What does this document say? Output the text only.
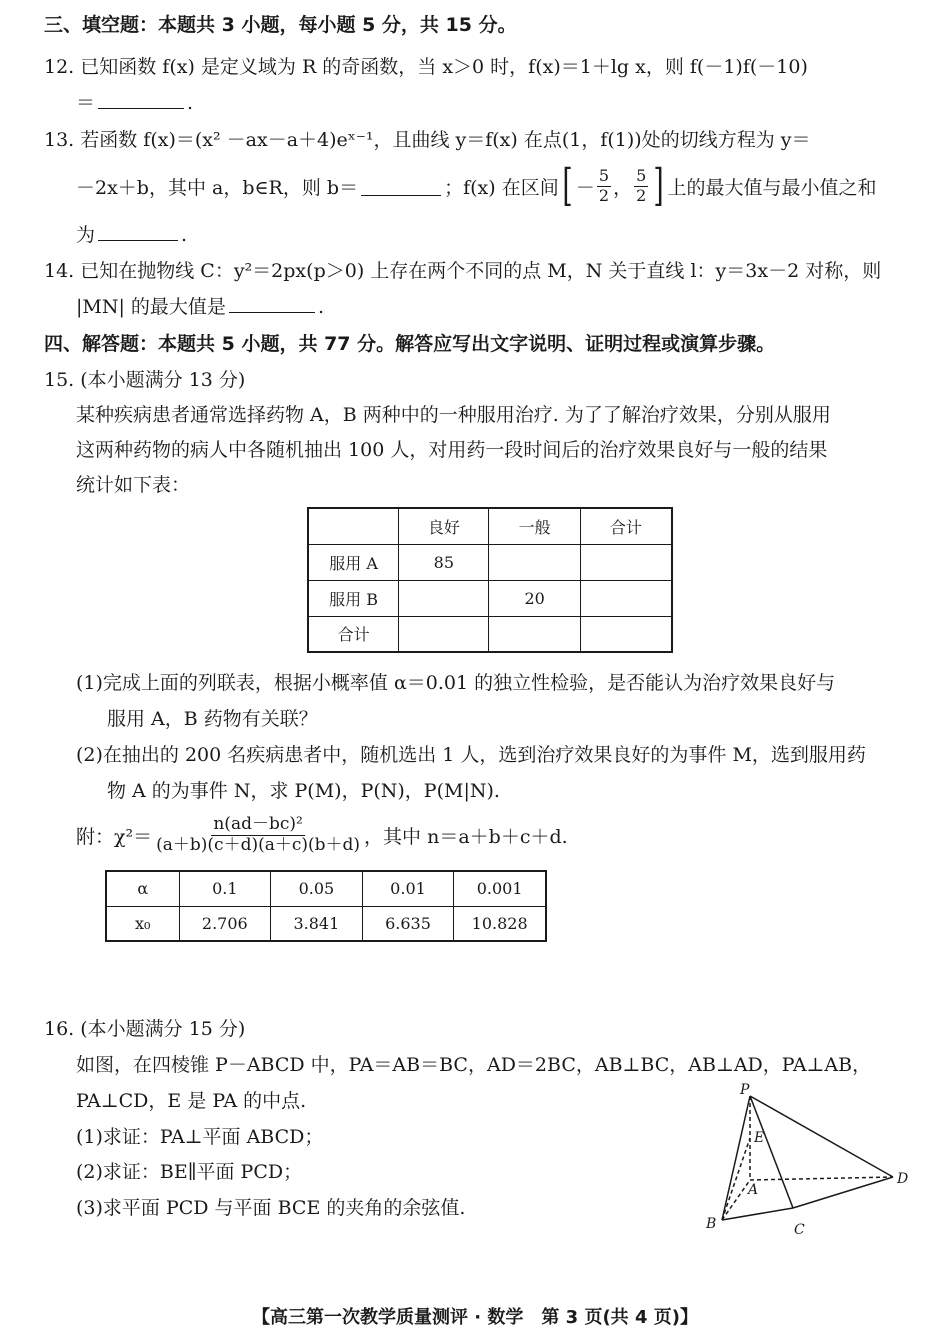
三、填空题：本题共 3 小题，每小题 5 分，共 15 分。
12. 已知函数 f(x) 是定义域为 R 的奇函数，当 x＞0 时，f(x)＝1＋lg x，则 f(－1)f(－10)
＝	.
13. 若函数 f(x)＝(x² －ax－a＋4)eˣ⁻¹，且曲线 y＝f(x) 在点(1，f(1))处的切线方程为 y＝
－2x＋b，其中 a，b∈R，则 b＝	；f(x) 在区间 [ － $\frac{5}{2}$ ， $\frac{5}{2}$ ] 上的最大值与最小值之和
为	.
14. 已知在抛物线 C：y²＝2px(p＞0) 上存在两个不同的点 M，N 关于直线 l：y＝3x－2 对称，则
|MN| 的最大值是	.
四、解答题：本题共 5 小题，共 77 分。解答应写出文字说明、证明过程或演算步骤。
15. (本小题满分 13 分)
某种疾病患者通常选择药物 A，B 两种中的一种服用治疗. 为了了解治疗效果，分别从服用
这两种药物的病人中各随机抽出 100 人，对用药一段时间后的治疗效果良好与一般的结果
统计如下表：
	良好	一般	合计
服用 A	85		
服用 B		20	
合计			
(1)完成上面的列联表，根据小概率值 α＝0.01 的独立性检验，是否能认为治疗效果良好与
服用 A，B 药物有关联？
(2)在抽出的 200 名疾病患者中，随机选出 1 人，选到治疗效果良好的为事件 M，选到服用药
物 A 的为事件 N，求 P(M)，P(N)，P(M|N).
附：$\chi^2= \frac{\text{n(ad－bc)²}}{(a+b)(c+d)(a+c)(b+d)}$ ，其中 n＝a＋b＋c＋d.
α	0.1	0.05	0.01	0.001
x₀	2.706	3.841	6.635	10.828
16. (本小题满分 15 分)
如图，在四棱锥 P－ABCD 中，PA＝AB＝BC，AD＝2BC，AB⊥BC，AB⊥AD，PA⊥AB，
PA⊥CD，E 是 PA 的中点.
(1)求证：PA⊥平面 ABCD；
(2)求证：BE∥平面 PCD；
(3)求平面 PCD 与平面 BCE 的夹角的余弦值.
P
E
A
B	C
D
【高三第一次教学质量测评 · 数学　第 3 页(共 4 页)】
